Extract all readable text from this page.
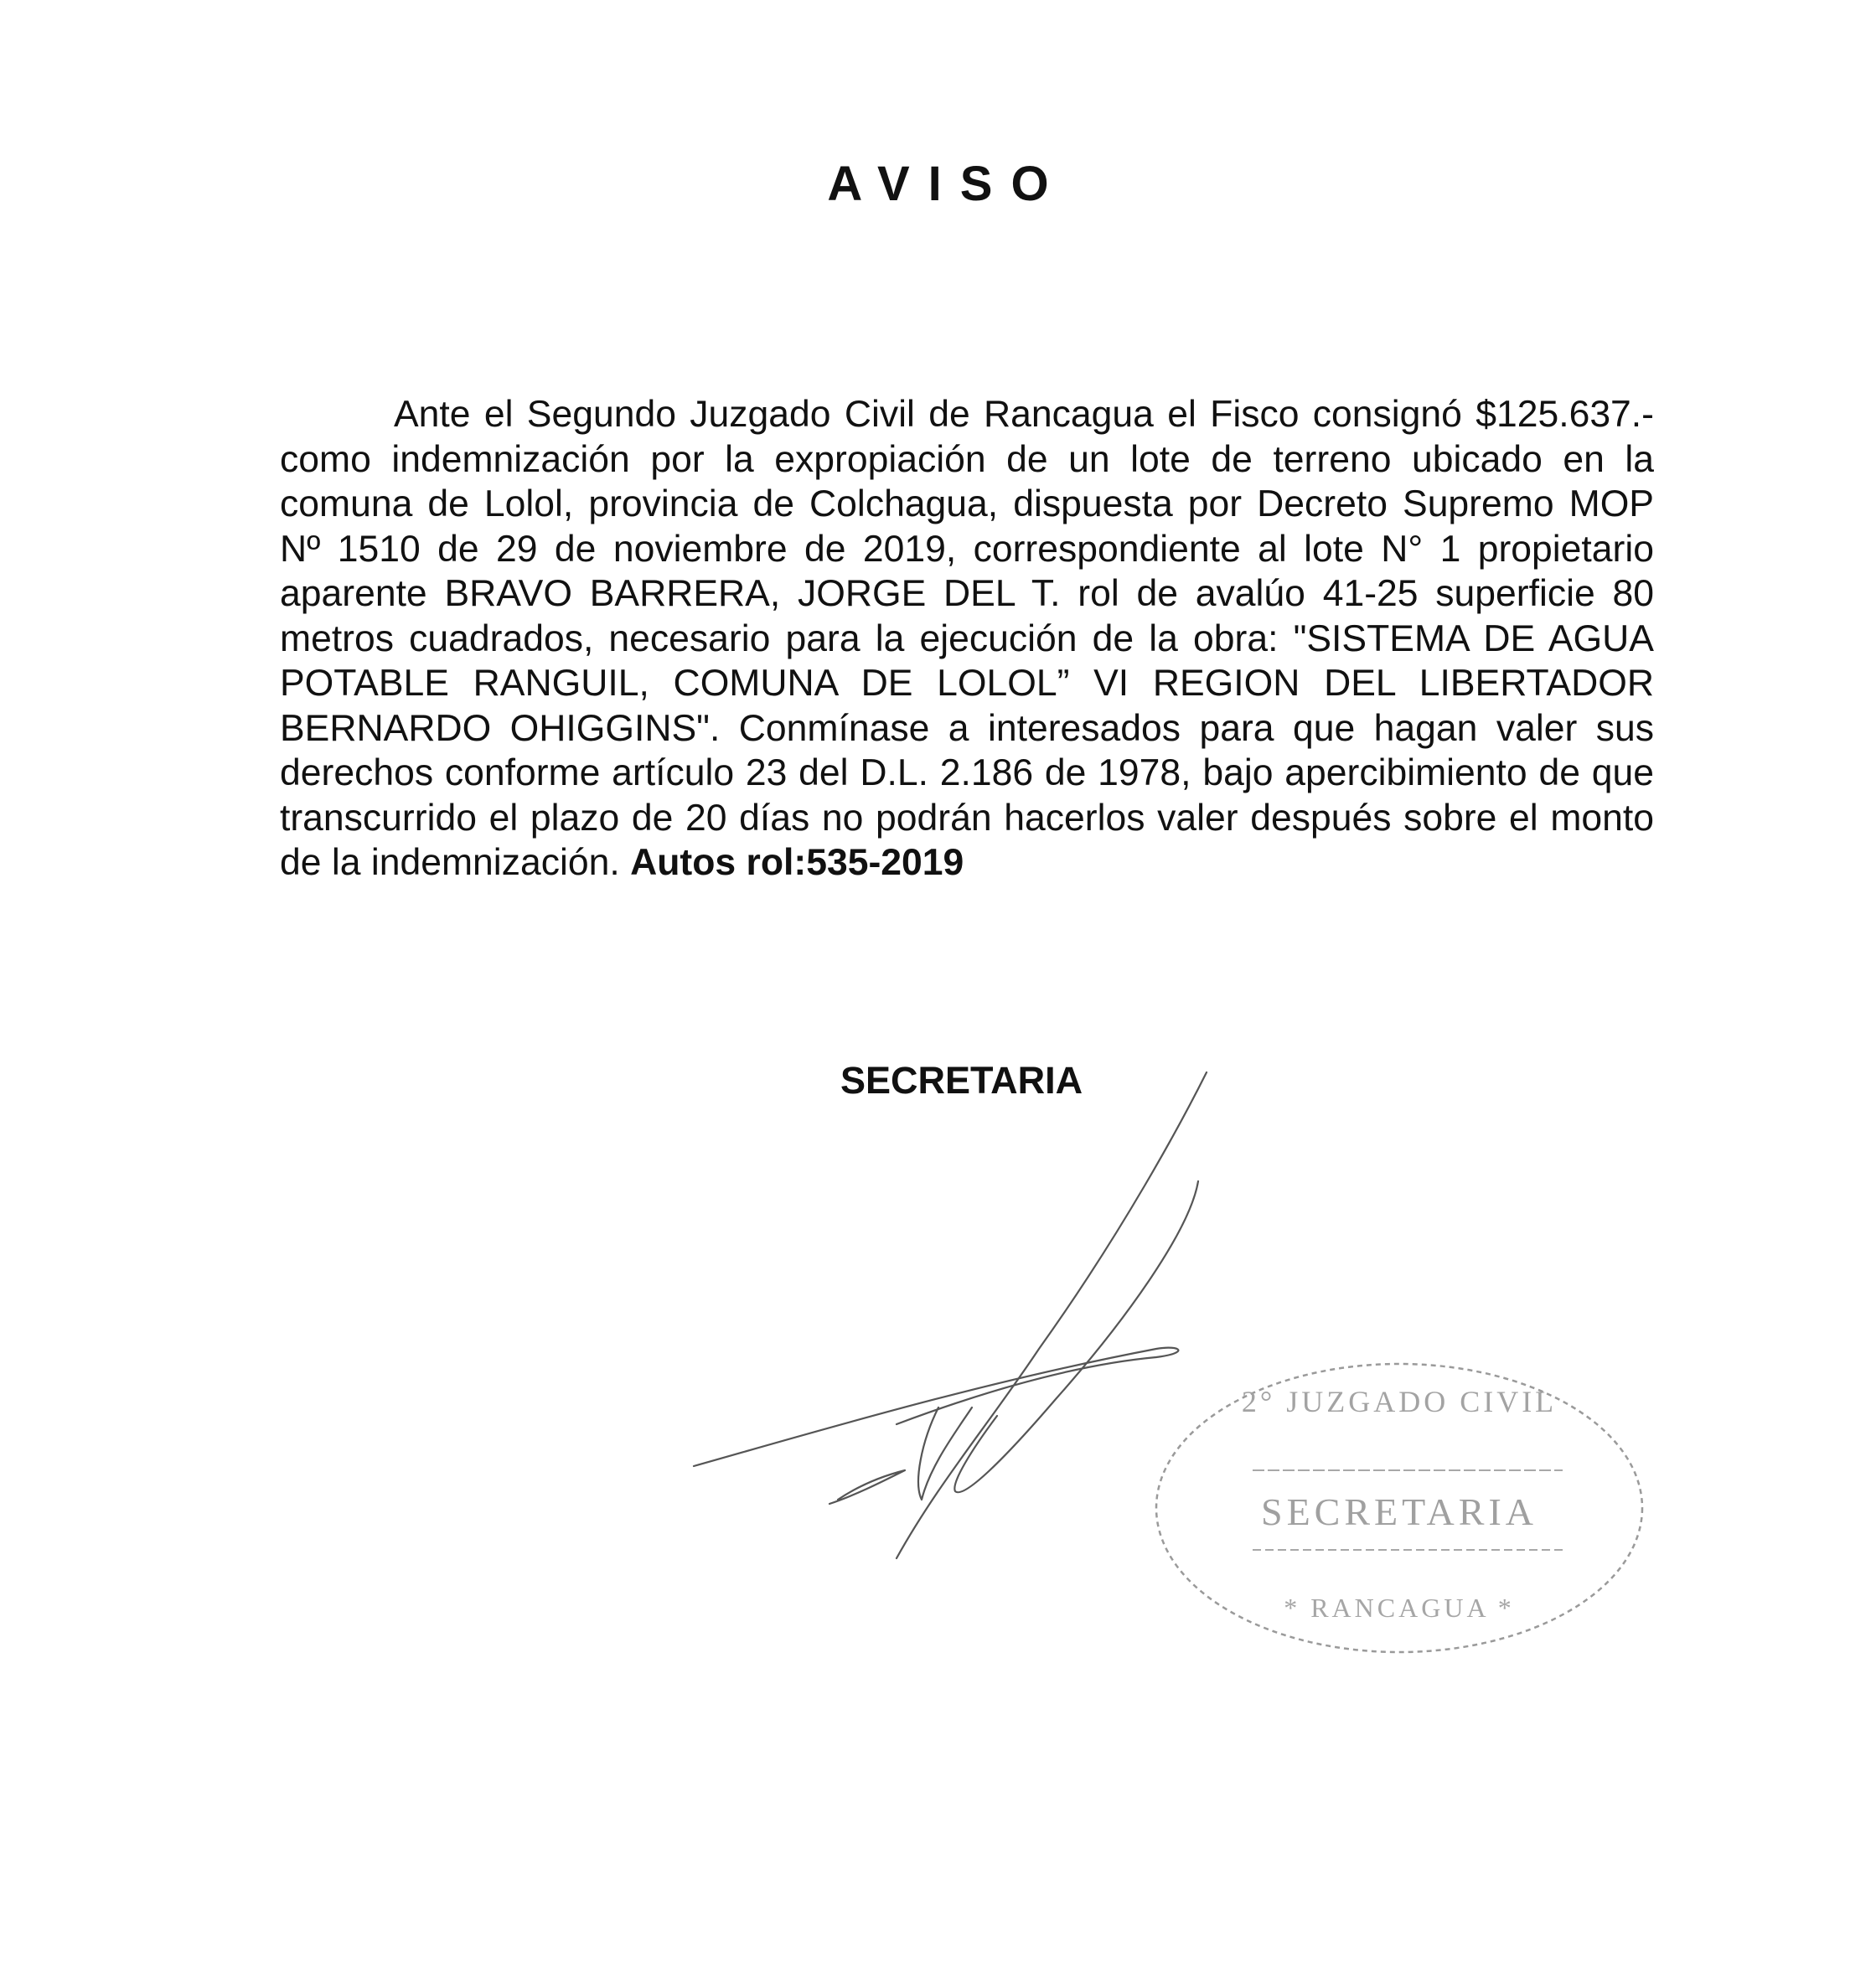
AVISO

Ante el Segundo Juzgado Civil de Rancagua el Fisco consignó $125.637.- como indemnización por la expropiación de un lote de terreno ubicado en la comuna de Lolol, provincia de Colchagua, dispuesta por Decreto Supremo MOP Nº 1510 de 29 de noviembre de 2019, correspondiente al lote N° 1 propietario aparente BRAVO BARRERA, JORGE DEL T. rol de avalúo 41-25 superficie 80 metros cuadrados, necesario para la ejecución de la obra: "SISTEMA DE AGUA POTABLE RANGUIL, COMUNA DE LOLOL” VI REGION DEL LIBERTADOR BERNARDO OHIGGINS". Conmínase a interesados para que hagan valer sus derechos conforme artículo 23 del D.L. 2.186 de 1978, bajo apercibimiento de que transcurrido el plazo de 20 días no podrán hacerlos valer después sobre el monto de la indemnización. Autos rol:535-2019

SECRETARIA

2° JUZGADO CIVIL
SECRETARIA
* RANCAGUA *
